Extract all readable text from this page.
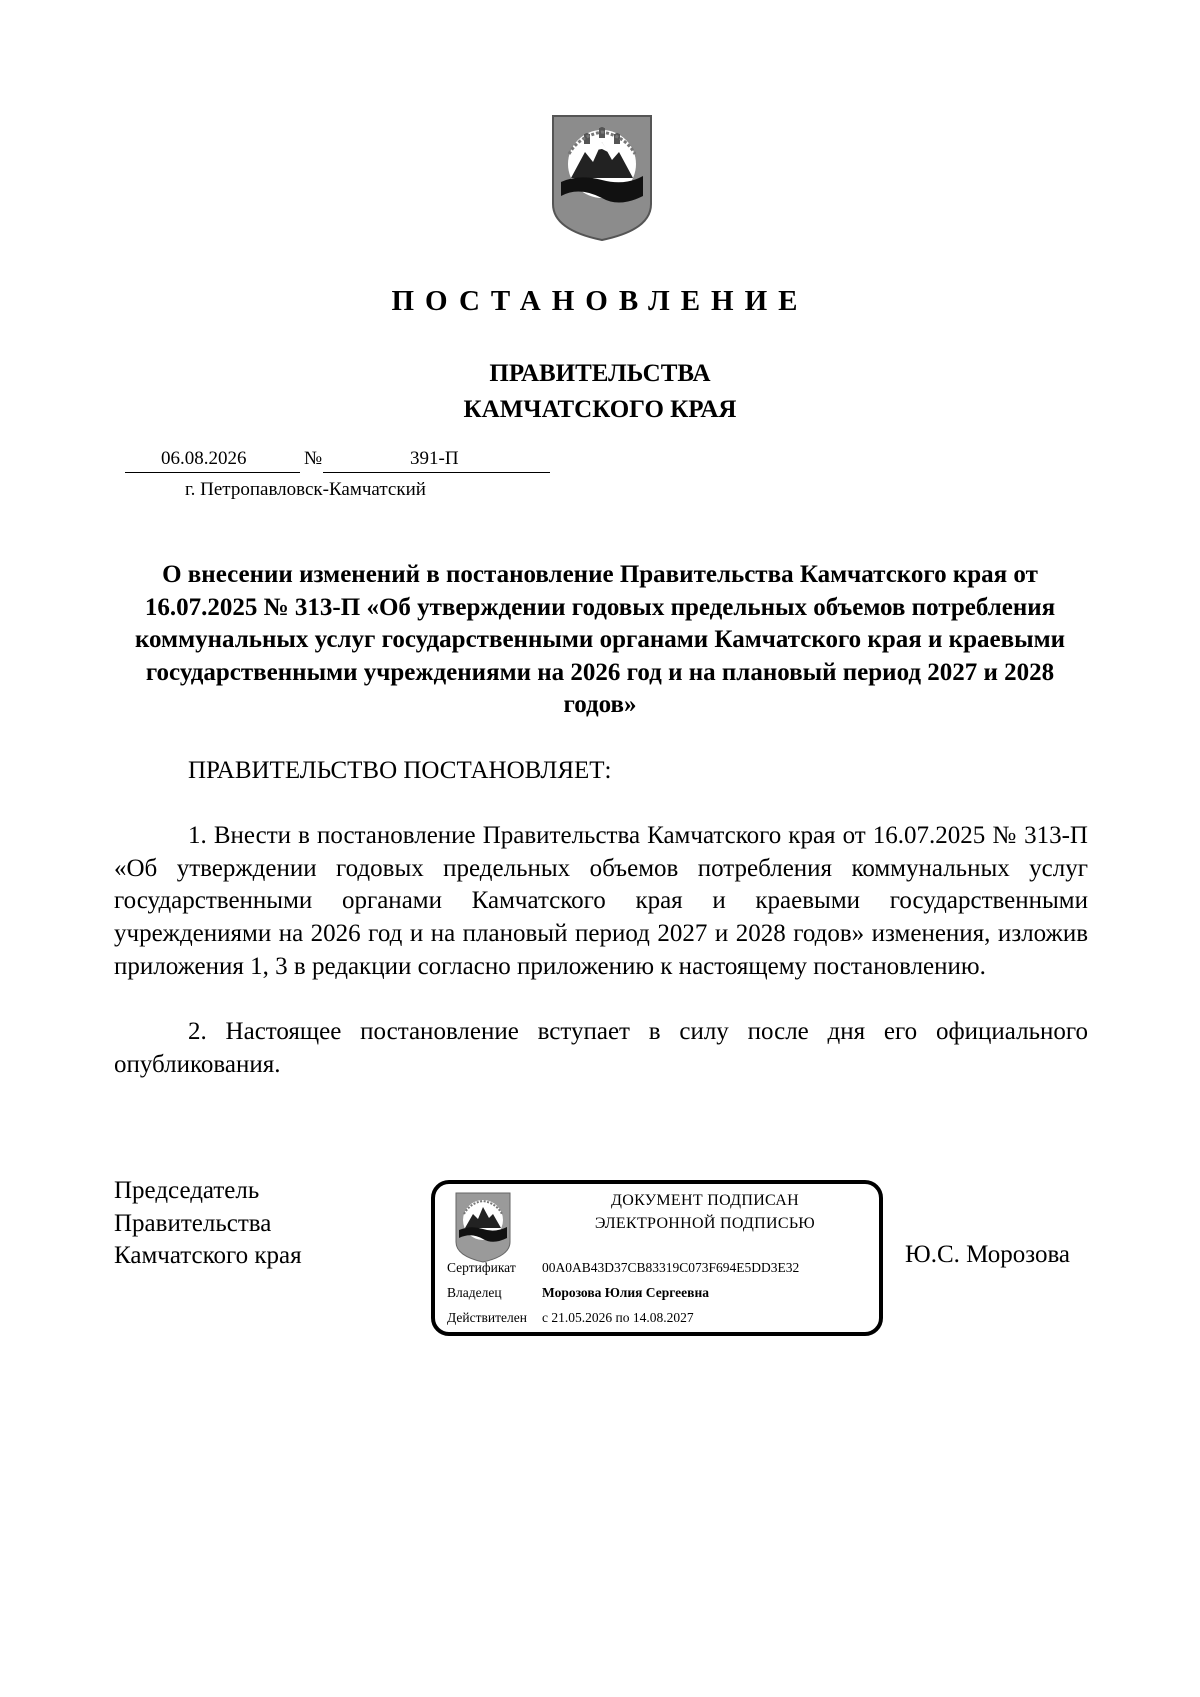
ПОСТАНОВЛЕНИЕ
ПРАВИТЕЛЬСТВА
КАМЧАТСКОГО КРАЯ
06.08.2026	№	391-П
г. Петропавловск-Камчатский
О внесении изменений в постановление Правительства Камчатского края от 16.07.2025 № 313-П «Об утверждении годовых предельных объемов потребления коммунальных услуг государственными органами Камчатского края и краевыми государственными учреждениями на 2026 год и на плановый период 2027 и 2028 годов»
ПРАВИТЕЛЬСТВО ПОСТАНОВЛЯЕТ:
1. Внести в постановление Правительства Камчатского края от 16.07.2025 № 313-П «Об утверждении годовых предельных объемов потребления коммунальных услуг государственными органами Камчатского края и краевыми государственными учреждениями на 2026 год и на плановый период 2027 и 2028 годов» изменения, изложив приложения 1, 3 в редакции согласно приложению к настоящему постановлению.
2. Настоящее постановление вступает в силу после дня его официального опубликования.
Председатель
Правительства
Камчатского края
ДОКУМЕНТ ПОДПИСАН
ЭЛЕКТРОННОЙ ПОДПИСЬЮ
Сертификат 00A0AB43D37CB83319C073F694E5DD3E32
Владелец	Морозова Юлия Сергеевна
Действителен с 21.05.2026 по 14.08.2027
Ю.С. Морозова
